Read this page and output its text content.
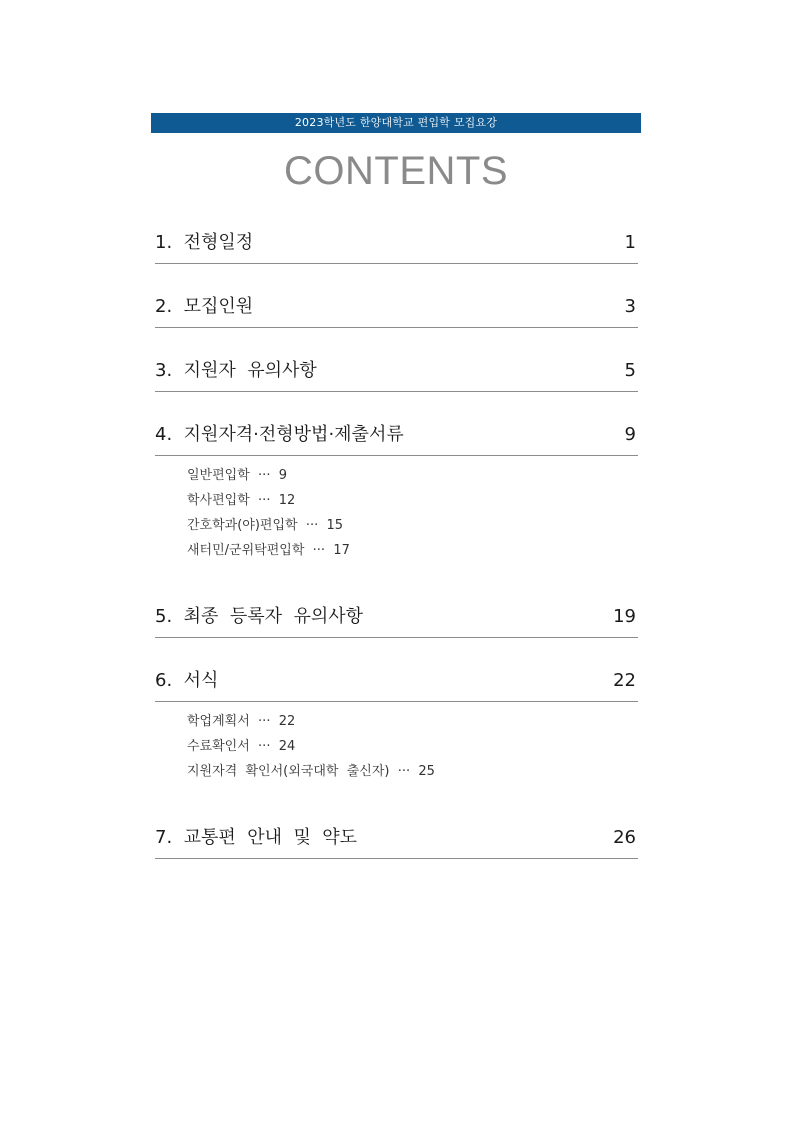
2023학년도 한양대학교 편입학 모집요강
CONTENTS
1.  전형일정	1
2.  모집인원	3
3.  지원자  유의사항	5
4.  지원자격·전형방법·제출서류	9
일반편입학  ···  9
학사편입학  ···  12
간호학과(야)편입학  ···  15
새터민/군위탁편입학  ···  17
5.  최종  등록자  유의사항	19
6.  서식	22
학업계획서  ···  22
수료확인서  ···  24
지원자격  확인서(외국대학  출신자)  ···  25
7.  교통편  안내  및  약도	26
